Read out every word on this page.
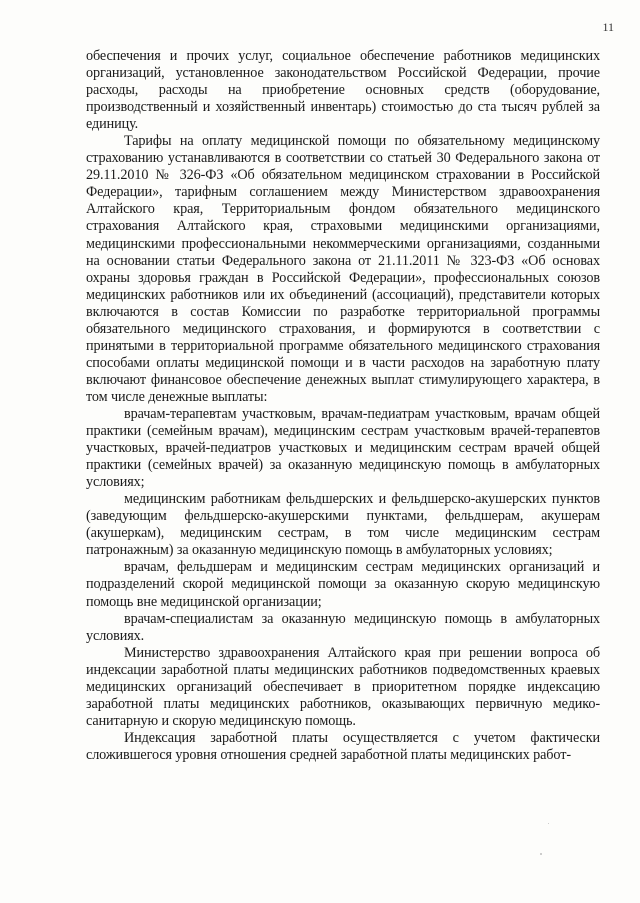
11

обеспечения и прочих услуг, социальное обеспечение работников медицинских организаций, установленное законодательством Российской Федерации, прочие расходы, расходы на приобретение основных средств (оборудование, производственный и хозяйственный инвентарь) стоимостью до ста тысяч рублей за единицу.

Тарифы на оплату медицинской помощи по обязательному медицинскому страхованию устанавливаются в соответствии со статьей 30 Федерального закона от 29.11.2010 № 326-ФЗ «Об обязательном медицинском страховании в Российской Федерации», тарифным соглашением между Министерством здравоохранения Алтайского края, Территориальным фондом обязательного медицинского страхования Алтайского края, страховыми медицинскими организациями, медицинскими профессиональными некоммерческими организациями, созданными на основании статьи Федерального закона от 21.11.2011 № 323-ФЗ «Об основах охраны здоровья граждан в Российской Федерации», профессиональных союзов медицинских работников или их объединений (ассоциаций), представители которых включаются в состав Комиссии по разработке территориальной программы обязательного медицинского страхования, и формируются в соответствии с принятыми в территориальной программе обязательного медицинского страхования способами оплаты медицинской помощи и в части расходов на заработную плату включают финансовое обеспечение денежных выплат стимулирующего характера, в том числе денежные выплаты:

врачам-терапевтам участковым, врачам-педиатрам участковым, врачам общей практики (семейным врачам), медицинским сестрам участковым врачей-терапевтов участковых, врачей-педиатров участковых и медицинским сестрам врачей общей практики (семейных врачей) за оказанную медицинскую помощь в амбулаторных условиях;

медицинским работникам фельдшерских и фельдшерско-акушерских пунктов (заведующим фельдшерско-акушерскими пунктами, фельдшерам, акушерам (акушеркам), медицинским сестрам, в том числе медицинским сестрам патронажным) за оказанную медицинскую помощь в амбулаторных условиях;

врачам, фельдшерам и медицинским сестрам медицинских организаций и подразделений скорой медицинской помощи за оказанную скорую медицинскую помощь вне медицинской организации;

врачам-специалистам за оказанную медицинскую помощь в амбулаторных условиях.

Министерство здравоохранения Алтайского края при решении вопроса об индексации заработной платы медицинских работников подведомственных краевых медицинских организаций обеспечивает в приоритетном порядке индексацию заработной платы медицинских работников, оказывающих первичную медико-санитарную и скорую медицинскую помощь.

Индексация заработной платы осуществляется с учетом фактически сложившегося уровня отношения средней заработной платы медицинских работ-
